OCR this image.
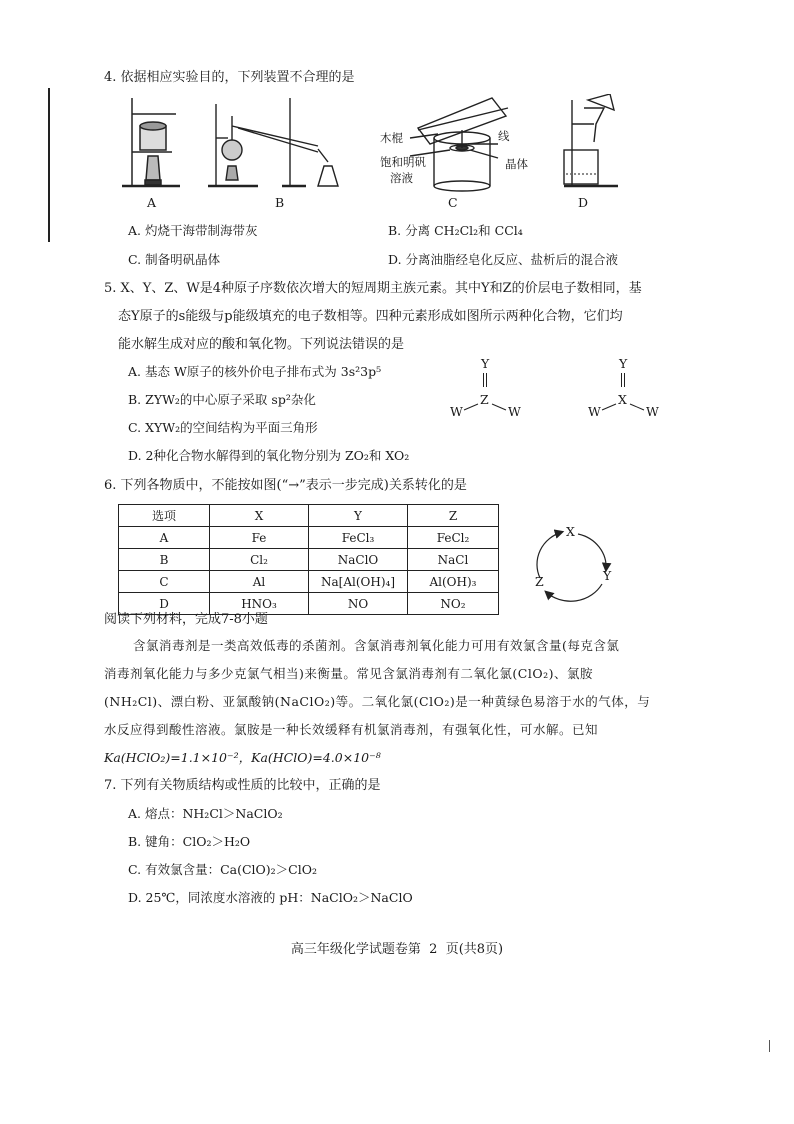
4. 依据相应实验目的，下列装置不合理的是
A	B	C	D
木棍	线
饱和明矾
溶液
晶体
A. 灼烧干海带制海带灰	B. 分离 CH₂Cl₂和 CCl₄
C. 制备明矾晶体	D. 分离油脂经皂化反应、盐析后的混合液
5. X、Y、Z、W是4种原子序数依次增大的短周期主族元素。其中Y和Z的价层电子数相同，基
态Y原子的s能级与p能级填充的电子数相等。四种元素形成如图所示两种化合物，它们均
能水解生成对应的酸和氧化物。下列说法错误的是
A. 基态 W原子的核外价电子排布式为 3s²3p⁵
B. ZYW₂的中心原子采取 sp²杂化
C. XYW₂的空间结构为平面三角形
D. 2种化合物水解得到的氧化物分别为 ZO₂和 XO₂
Y
Z
W	W
Y
X
W	W
6. 下列各物质中，不能按如图(“→”表示一步完成)关系转化的是
选项	X	Y	Z
A	Fe	FeCl₃	FeCl₂
B	Cl₂	NaClO	NaCl
C	Al	Na[Al(OH)₄]	Al(OH)₃
D	HNO₃	NO	NO₂
X
Y
Z
阅读下列材料，完成7-8小题
含氯消毒剂是一类高效低毒的杀菌剂。含氯消毒剂氧化能力可用有效氯含量(每克含氯
消毒剂氧化能力与多少克氯气相当)来衡量。常见含氯消毒剂有二氧化氯(ClO₂)、氯胺
(NH₂Cl)、漂白粉、亚氯酸钠(NaClO₂)等。二氧化氯(ClO₂)是一种黄绿色易溶于水的气体，与
水反应得到酸性溶液。氯胺是一种长效缓释有机氯消毒剂，有强氧化性，可水解。已知
Ka(HClO₂)=1.1×10⁻²，Ka(HClO)=4.0×10⁻⁸
7. 下列有关物质结构或性质的比较中，正确的是
A. 熔点：NH₂Cl＞NaClO₂
B. 键角：ClO₂＞H₂O
C. 有效氯含量：Ca(ClO)₂＞ClO₂
D. 25℃，同浓度水溶液的 pH：NaClO₂＞NaClO
高三年级化学试题卷第  2  页(共8页)
